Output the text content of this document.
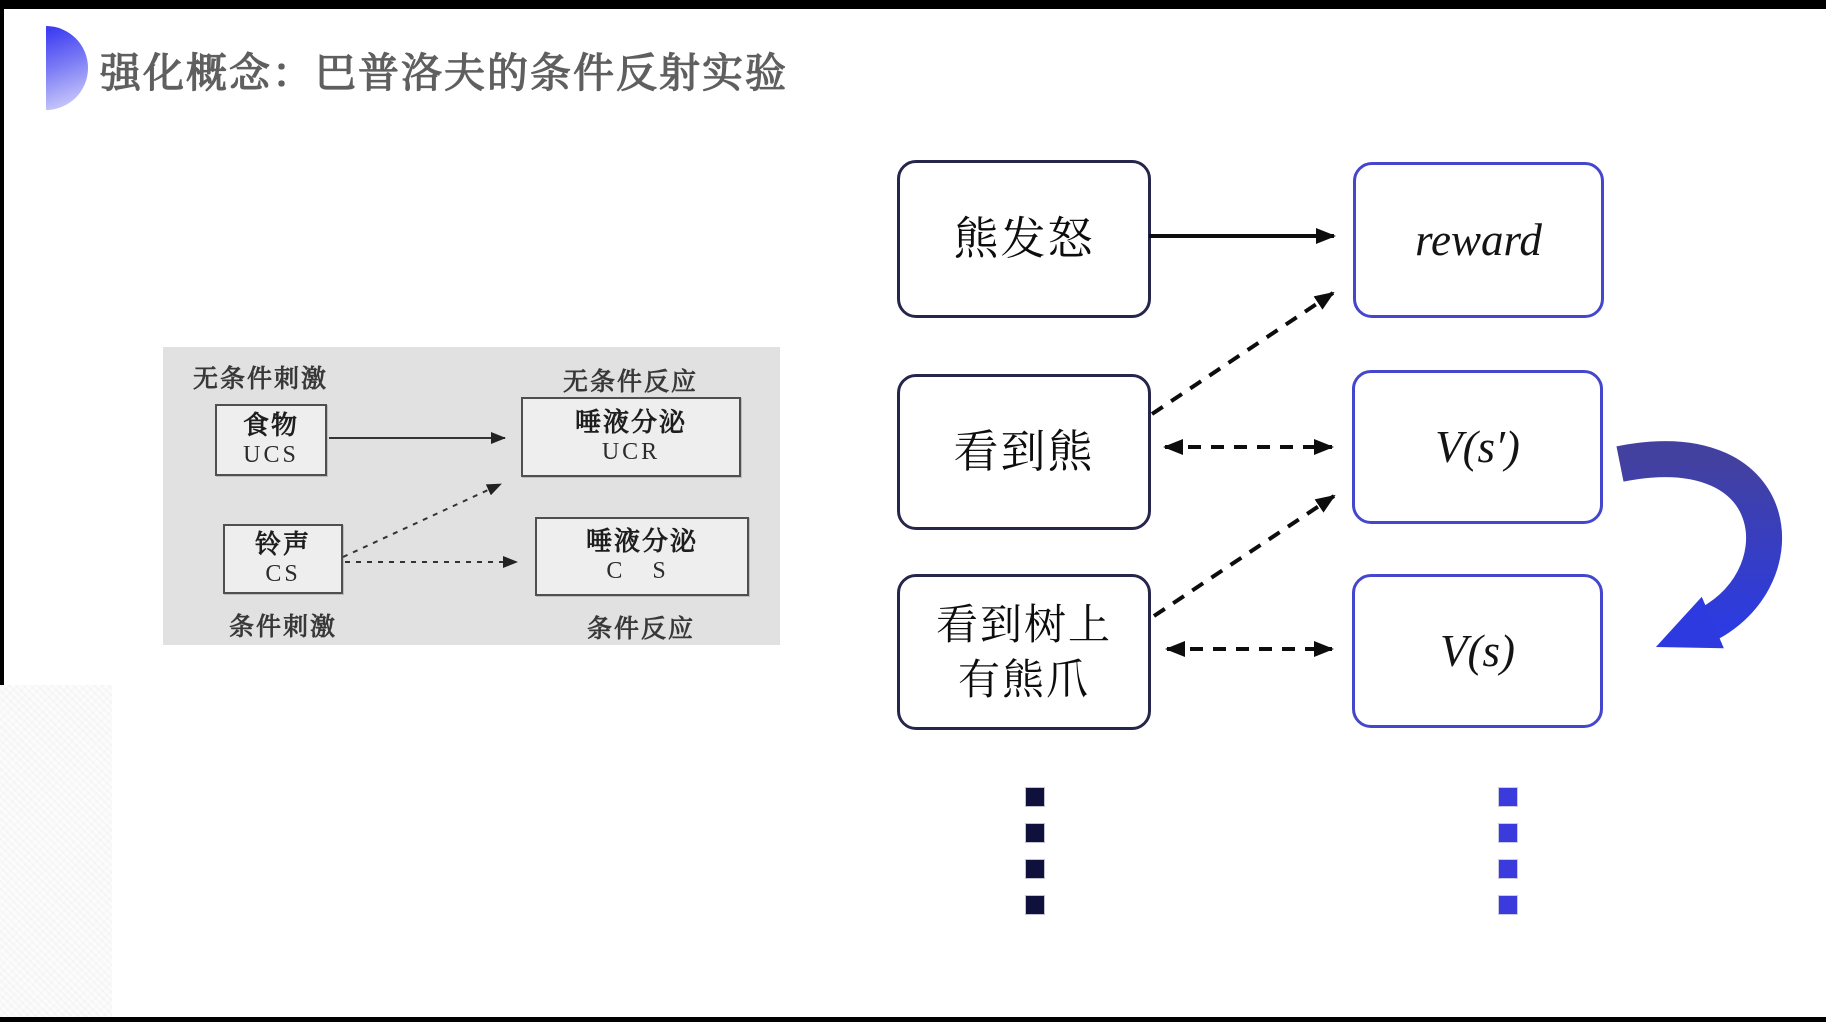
强化概念：巴普洛夫的条件反射实验
无条件刺激	无条件反应
条件刺激	条件反应
食物
UCS
唾液分泌
UCR
铃声
CS
唾液分泌
C S
熊发怒	reward
看到熊	V(s′)
看到树上
有熊爪
V(s)
